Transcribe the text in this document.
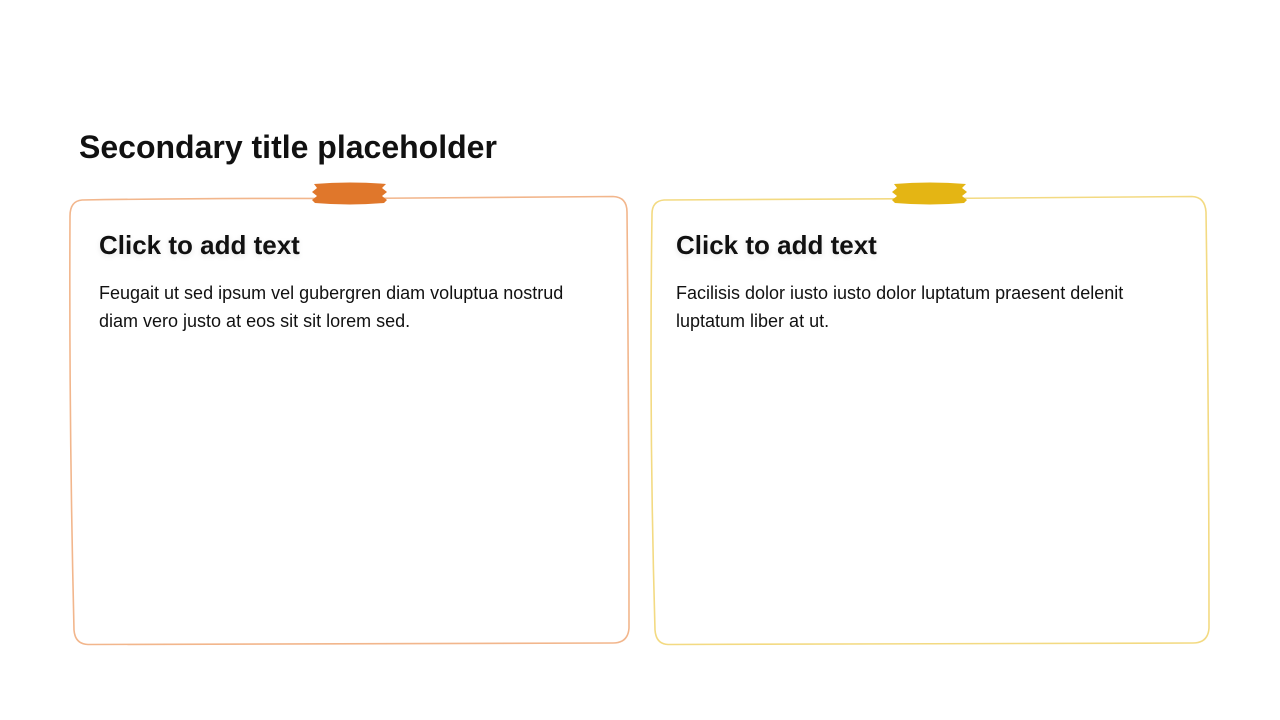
Secondary title placeholder
Click to add text
Feugait ut sed ipsum vel gubergren diam voluptua nostrud diam vero justo at eos sit sit lorem sed.
Click to add text
Facilisis dolor iusto iusto dolor luptatum praesent delenit luptatum liber at ut.
